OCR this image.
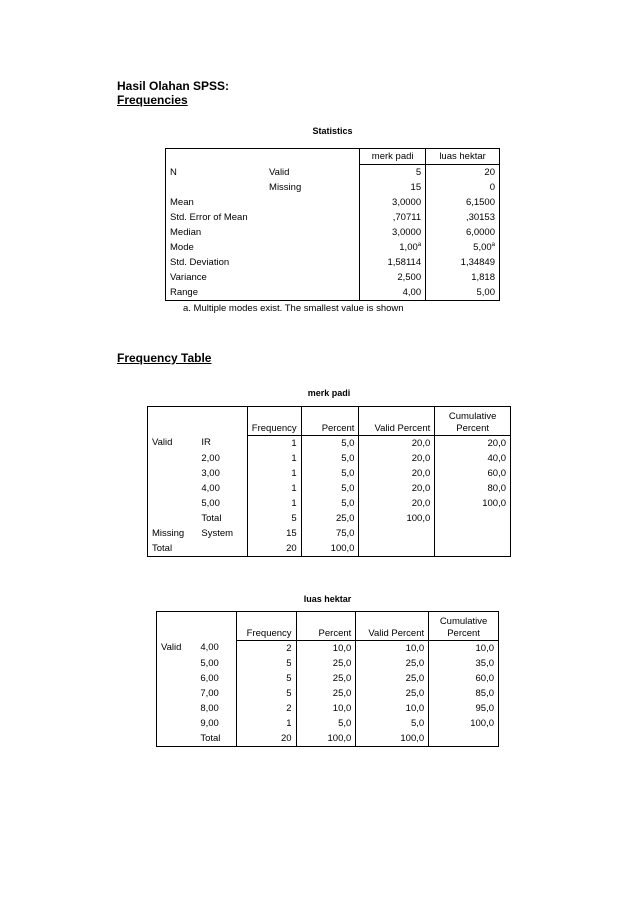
Hasil Olahan SPSS:
Frequencies
Statistics
		merk padi	luas hektar
N	Valid	5	20
	Missing	15	0
Mean		3,0000	6,1500
Std. Error of Mean		,70711	,30153
Median		3,0000	6,0000
Mode		1,00$^a$	5,00$^a$
Std. Deviation		1,58114	1,34849
Variance		2,500	1,818
Range		4,00	5,00
a. Multiple modes exist. The smallest value is shown
Frequency Table
merk padi
		Frequency	Percent	Valid Percent	Cumulative
Percent

Valid	IR	1	5,0	20,0	20,0
	2,00	1	5,0	20,0	40,0
	3,00	1	5,0	20,0	60,0
	4,00	1	5,0	20,0	80,0
	5,00	1	5,0	20,0	100,0
	Total	5	25,0	100,0	
Missing	System	15	75,0		
Total		20	100,0		
luas hektar
		Frequency	Percent	Valid Percent	Cumulative
Percent

Valid	4,00	2	10,0	10,0	10,0
	5,00	5	25,0	25,0	35,0
	6,00	5	25,0	25,0	60,0
	7,00	5	25,0	25,0	85,0
	8,00	2	10,0	10,0	95,0
	9,00	1	5,0	5,0	100,0
	Total	20	100,0	100,0	
